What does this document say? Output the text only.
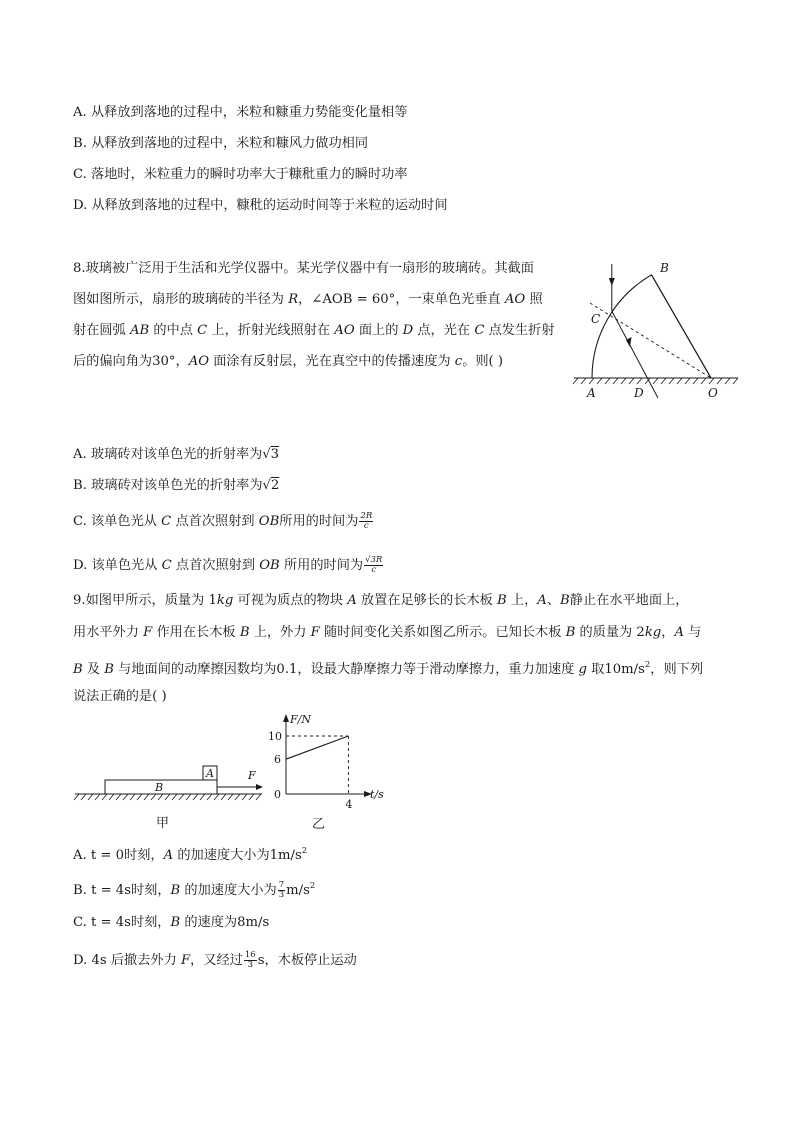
A. 从释放到落地的过程中，米粒和糠重力势能变化量相等
B. 从释放到落地的过程中，米粒和糠风力做功相同
C. 落地时，米粒重力的瞬时功率大于糠秕重力的瞬时功率
D. 从释放到落地的过程中，糠秕的运动时间等于米粒的运动时间
8.玻璃被广泛用于生活和光学仪器中。某光学仪器中有一扇形的玻璃砖。其截面
图如图所示，扇形的玻璃砖的半径为 R，∠AOB = 60°，一束单色光垂直 AO 照
射在圆弧 AB 的中点 C 上，折射光线照射在 AO 面上的 D 点，光在 C 点发生折射
后的偏向角为30°，AO 面涂有反射层，光在真空中的传播速度为 c。则( )
B
C
A	D	O
A. 玻璃砖对该单色光的折射率为√3
B. 玻璃砖对该单色光的折射率为√2
C. 该单色光从 C 点首次照射到 OB所用的时间为 $\frac{2R}{c}$
D. 该单色光从 C 点首次照射到 OB 所用的时间为 $\frac{√3R}{c}$
9.如图甲所示，质量为 1kg 可视为质点的物块 A 放置在足够长的长木板 B 上，A、B静止在水平地面上，
用水平外力 F 作用在长木板 B 上，外力 F 随时间变化关系如图乙所示。已知长木板 B 的质量为 2kg，A 与
B 及 B 与地面间的动摩擦因数均为0.1，设最大静摩擦力等于滑动摩擦力，重力加速度 g 取$10m/s^2$，则下列
说法正确的是( )
B
A	F
甲
F/N
t/s
0
4
6
10
乙
A. t = 0时刻，A 的加速度大小为$1m/s^2$
B. t = 4s时刻，B 的加速度大小为 $\frac{7}{3} m/s^2$
C. t = 4s时刻，B 的速度为8m/s
D. 4s 后撤去外力 F，又经过 $\frac{16}{3}$ s，木板停止运动
